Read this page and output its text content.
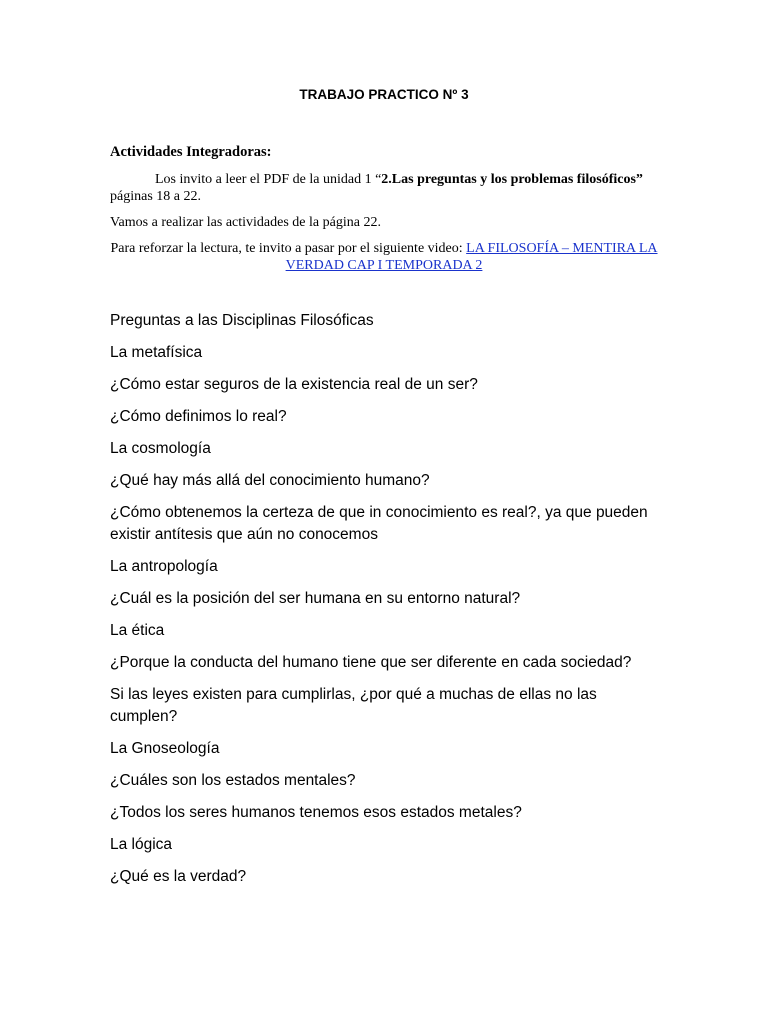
TRABAJO PRACTICO Nº 3
Actividades Integradoras:
Los invito a leer el PDF de la unidad 1 “2.Las preguntas y los problemas filosóficos”
páginas 18 a 22.
Vamos a realizar las actividades de la página 22.
Para reforzar la lectura, te invito a pasar por el siguiente video: LA FILOSOFÍA – MENTIRA LA VERDAD CAP I TEMPORADA 2

Preguntas a las Disciplinas Filosóficas

La metafísica

¿Cómo estar seguros de la existencia real de un ser?

¿Cómo definimos lo real?

La cosmología

¿Qué hay más allá del conocimiento humano?

¿Cómo obtenemos la certeza de que in conocimiento es real?, ya que pueden existir antítesis que aún no conocemos

La antropología

¿Cuál es la posición del ser humana en su entorno natural?

La ética

¿Porque la conducta del humano tiene que ser diferente en cada sociedad?

Si las leyes existen para cumplirlas, ¿por qué a muchas de ellas no las cumplen?

La Gnoseología

¿Cuáles son los estados mentales?

¿Todos los seres humanos tenemos esos estados metales?

La lógica

¿Qué es la verdad?
